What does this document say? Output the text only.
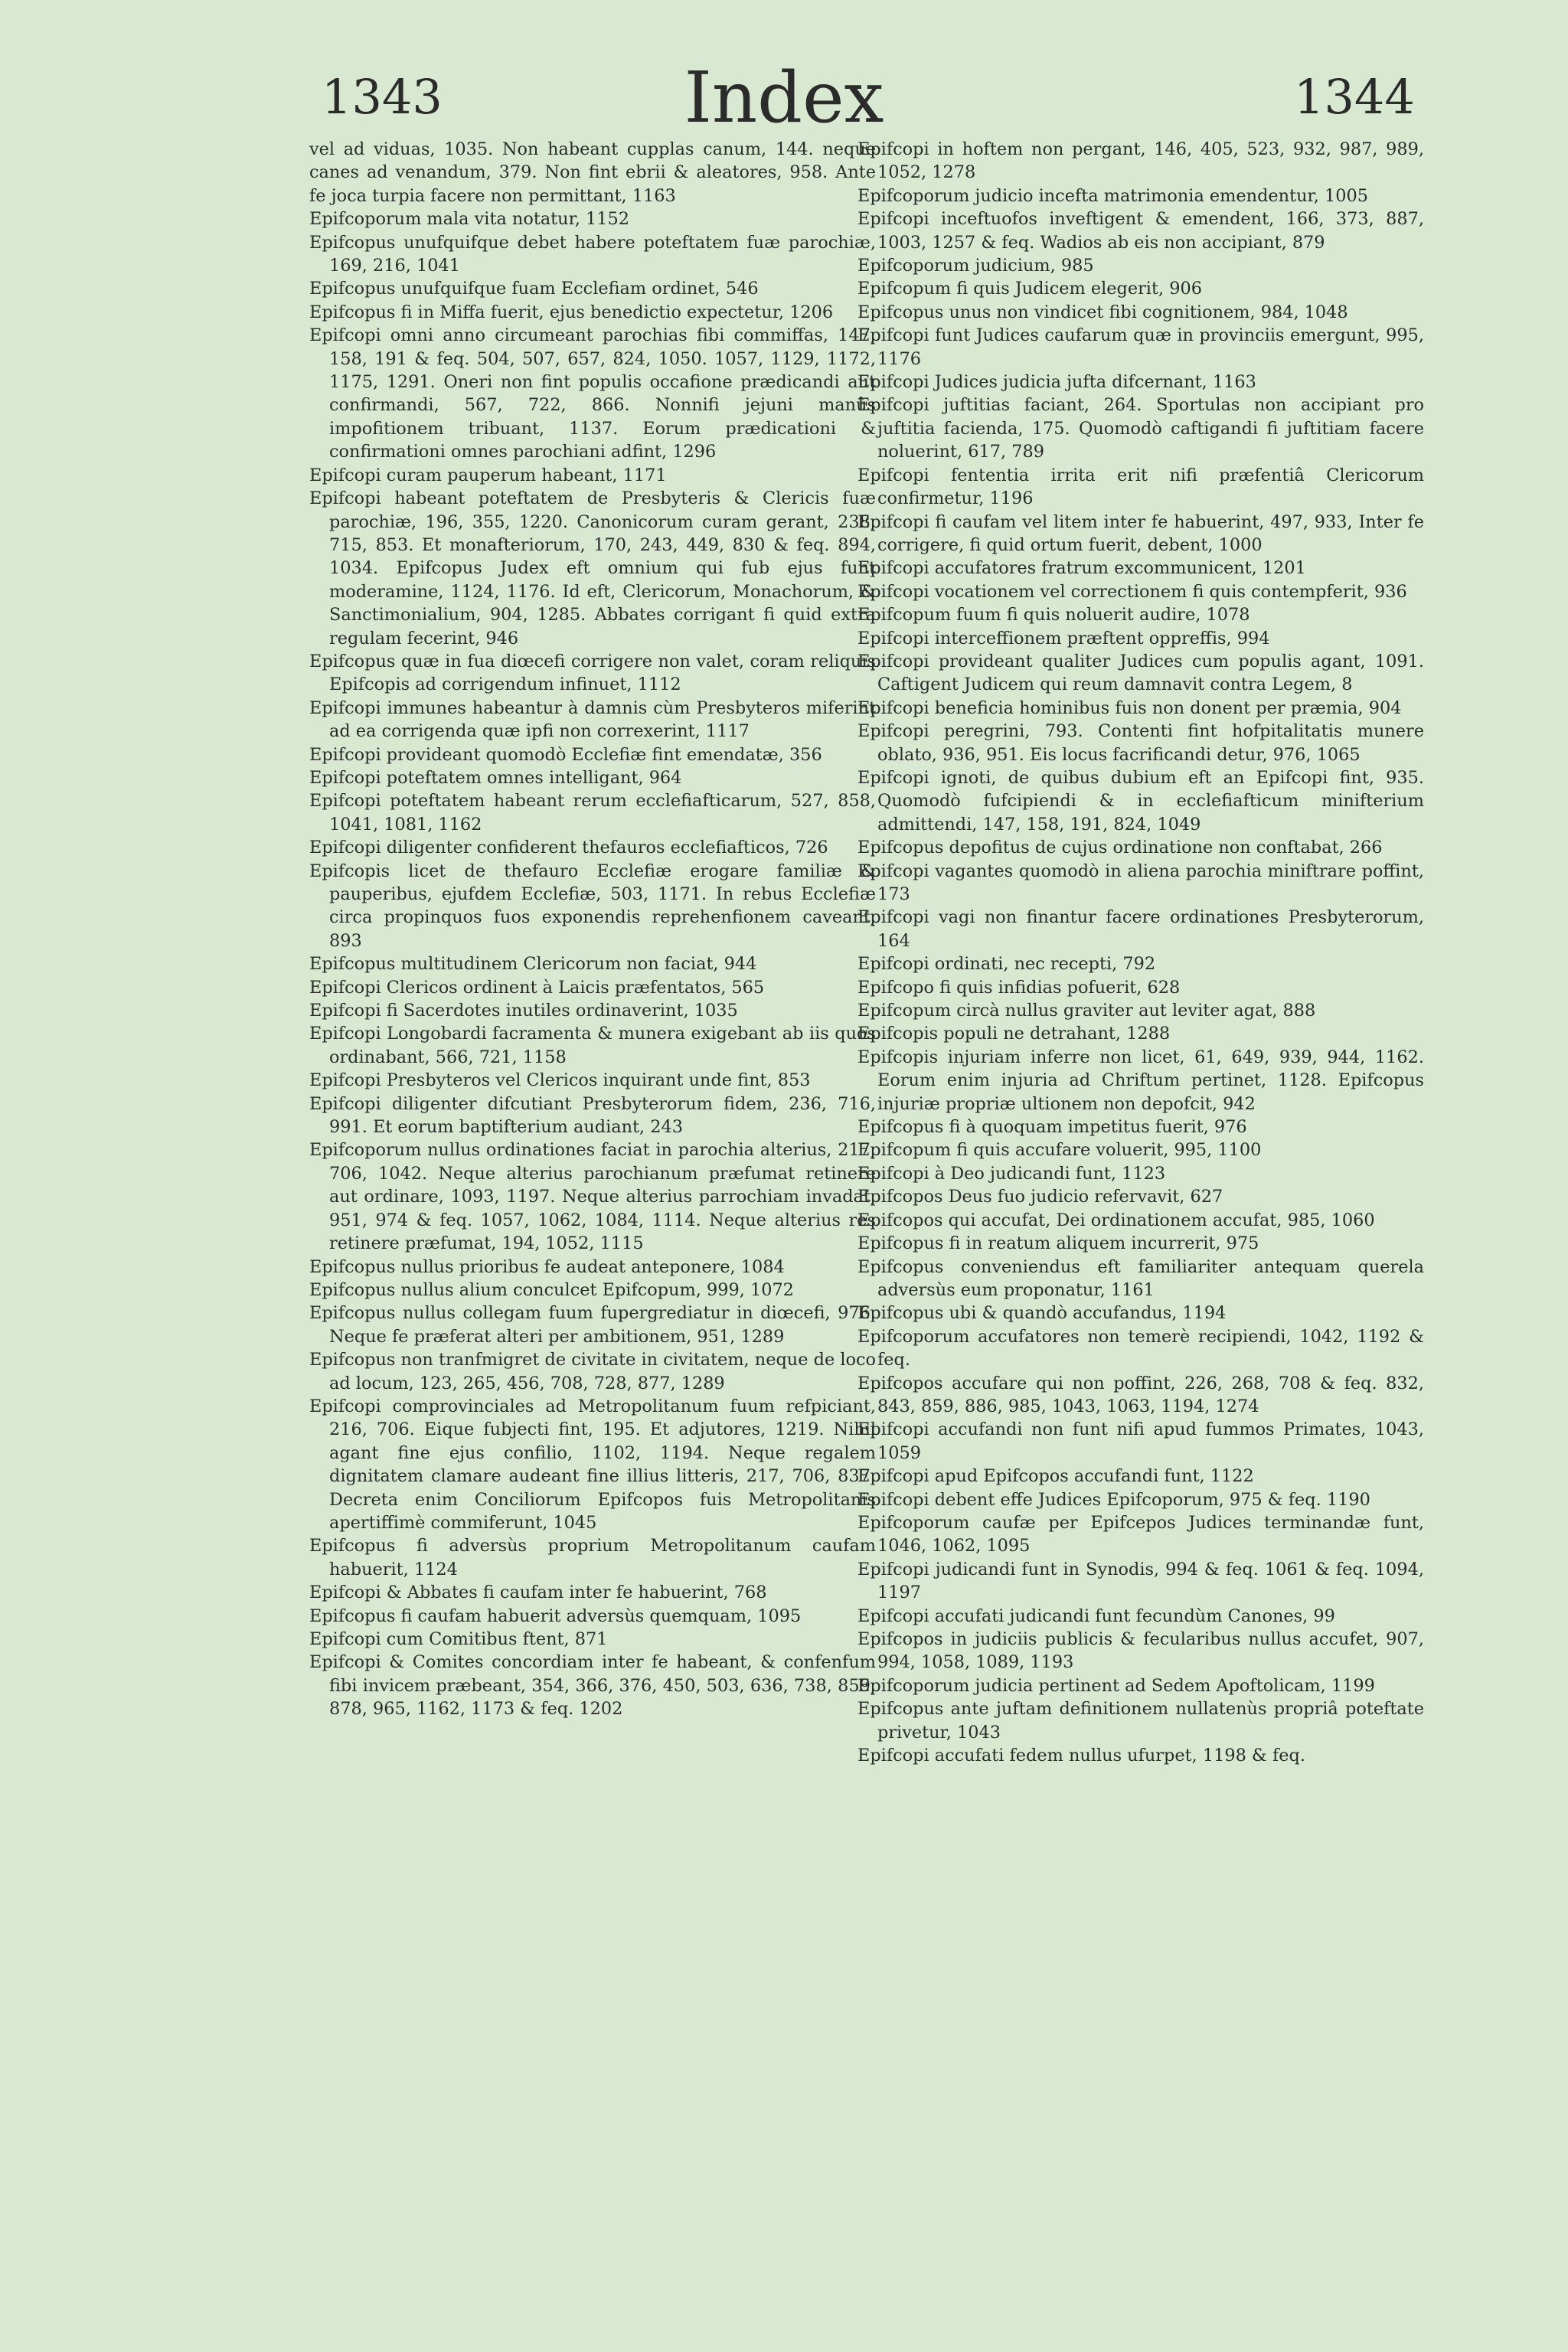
1343	Index	1344

vel ad viduas, 1035. Non habeant cupplas canum, 144. neque canes ad venandum, 379. Non fint ebrii & aleatores, 958. Ante fe joca turpia facere non permittant, 1163

Epifcoporum mala vita notatur, 1152

Epifcopus unufquifque debet habere poteftatem fuæ parochiæ, 169, 216, 1041

Epifcopus unufquifque fuam Ecclefiam ordinet, 546

Epifcopus fi in Miffa fuerit, ejus benedictio expectetur, 1206

Epifcopi omni anno circumeant parochias fibi commiffas, 147, 158, 191 & feq. 504, 507, 657, 824, 1050. 1057, 1129, 1172, 1175, 1291. Oneri non fint populis occafione prædicandi aut confirmandi, 567, 722, 866. Nonnifi jejuni manûs impofitionem tribuant, 1137. Eorum prædicationi & confirmationi omnes parochiani adfint, 1296

Epifcopi curam pauperum habeant, 1171

Epifcopi habeant poteftatem de Presbyteris & Clericis fuæ parochiæ, 196, 355, 1220. Canonicorum curam gerant, 238, 715, 853. Et monafteriorum, 170, 243, 449, 830 & feq. 894, 1034. Epifcopus Judex eft omnium qui fub ejus funt moderamine, 1124, 1176. Id eft, Clericorum, Monachorum, & Sanctimonialium, 904, 1285. Abbates corrigant fi quid extra regulam fecerint, 946

Epifcopus quæ in fua diœcefi corrigere non valet, coram reliquis Epifcopis ad corrigendum infinuet, 1112

Epifcopi immunes habeantur à damnis cùm Presbyteros miferint ad ea corrigenda quæ ipfi non correxerint, 1117

Epifcopi provideant quomodò Ecclefiæ fint emendatæ, 356

Epifcopi poteftatem omnes intelligant, 964

Epifcopi poteftatem habeant rerum ecclefiafticarum, 527, 858, 1041, 1081, 1162

Epifcopi diligenter confiderent thefauros ecclefiafticos, 726

Epifcopis licet de thefauro Ecclefiæ erogare familiæ & pauperibus, ejufdem Ecclefiæ, 503, 1171. In rebus Ecclefiæ circa propinquos fuos exponendis reprehenfionem caveant, 893

Epifcopus multitudinem Clericorum non faciat, 944

Epifcopi Clericos ordinent à Laicis præfentatos, 565

Epifcopi fi Sacerdotes inutiles ordinaverint, 1035

Epifcopi Longobardi facramenta & munera exigebant ab iis quos ordinabant, 566, 721, 1158

Epifcopi Presbyteros vel Clericos inquirant unde fint, 853

Epifcopi diligenter difcutiant Presbyterorum fidem, 236, 716, 991. Et eorum baptifterium audiant, 243

Epifcoporum nullus ordinationes faciat in parochia alterius, 217, 706, 1042. Neque alterius parochianum præfumat retinere aut ordinare, 1093, 1197. Neque alterius parrochiam invadat, 951, 974 & feq. 1057, 1062, 1084, 1114. Neque alterius res retinere præfumat, 194, 1052, 1115

Epifcopus nullus prioribus fe audeat anteponere, 1084

Epifcopus nullus alium conculcet Epifcopum, 999, 1072

Epifcopus nullus collegam fuum fupergrediatur in diœcefi, 976. Neque fe præferat alteri per ambitionem, 951, 1289

Epifcopus non tranfmigret de civitate in civitatem, neque de loco ad locum, 123, 265, 456, 708, 728, 877, 1289

Epifcopi comprovinciales ad Metropolitanum fuum refpiciant, 216, 706. Eique fubjecti fint, 195. Et adjutores, 1219. Nihil agant fine ejus confilio, 1102, 1194. Neque regalem dignitatem clamare audeant fine illius litteris, 217, 706, 837. Decreta enim Conciliorum Epifcopos fuis Metropolitanis apertiffimè commiferunt, 1045

Epifcopus fi adversùs proprium Metropolitanum caufam habuerit, 1124

Epifcopi & Abbates fi caufam inter fe habuerint, 768

Epifcopus fi caufam habuerit adversùs quemquam, 1095

Epifcopi cum Comitibus ftent, 871

Epifcopi & Comites concordiam inter fe habeant, & confenfum fibi invicem præbeant, 354, 366, 376, 450, 503, 636, 738, 859, 878, 965, 1162, 1173 & feq. 1202

Epifcopi in hoftem non pergant, 146, 405, 523, 932, 987, 989, 1052, 1278

Epifcoporum judicio incefta matrimonia emendentur, 1005

Epifcopi inceftuofos inveftigent & emendent, 166, 373, 887, 1003, 1257 & feq. Wadios ab eis non accipiant, 879

Epifcoporum judicium, 985

Epifcopum fi quis Judicem elegerit, 906

Epifcopus unus non vindicet fibi cognitionem, 984, 1048

Epifcopi funt Judices caufarum quæ in provinciis emergunt, 995, 1176

Epifcopi Judices judicia jufta difcernant, 1163

Epifcopi juftitias faciant, 264. Sportulas non accipiant pro juftitia facienda, 175. Quomodò caftigandi fi juftitiam facere noluerint, 617, 789

Epifcopi fententia irrita erit nifi præfentiâ Clericorum confirmetur, 1196

Epifcopi fi caufam vel litem inter fe habuerint, 497, 933, Inter fe corrigere, fi quid ortum fuerit, debent, 1000

Epifcopi accufatores fratrum excommunicent, 1201

Epifcopi vocationem vel correctionem fi quis contempferit, 936

Epifcopum fuum fi quis noluerit audire, 1078

Epifcopi interceffionem præftent oppreffis, 994

Epifcopi provideant qualiter Judices cum populis agant, 1091. Caftigent Judicem qui reum damnavit contra Legem, 8

Epifcopi beneficia hominibus fuis non donent per præmia, 904

Epifcopi peregrini, 793. Contenti fint hofpitalitatis munere oblato, 936, 951. Eis locus facrificandi detur, 976, 1065

Epifcopi ignoti, de quibus dubium eft an Epifcopi fint, 935. Quomodò fufcipiendi & in ecclefiafticum minifterium admittendi, 147, 158, 191, 824, 1049

Epifcopus depofitus de cujus ordinatione non conftabat, 266

Epifcopi vagantes quomodò in aliena parochia miniftrare poffint, 173

Epifcopi vagi non finantur facere ordinationes Presbyterorum, 164

Epifcopi ordinati, nec recepti, 792

Epifcopo fi quis infidias pofuerit, 628

Epifcopum circà nullus graviter aut leviter agat, 888

Epifcopis populi ne detrahant, 1288

Epifcopis injuriam inferre non licet, 61, 649, 939, 944, 1162. Eorum enim injuria ad Chriftum pertinet, 1128. Epifcopus injuriæ propriæ ultionem non depofcit, 942

Epifcopus fi à quoquam impetitus fuerit, 976

Epifcopum fi quis accufare voluerit, 995, 1100

Epifcopi à Deo judicandi funt, 1123

Epifcopos Deus fuo judicio refervavit, 627

Epifcopos qui accufat, Dei ordinationem accufat, 985, 1060

Epifcopus fi in reatum aliquem incurrerit, 975

Epifcopus conveniendus eft familiariter antequam querela adversùs eum proponatur, 1161

Epifcopus ubi & quandò accufandus, 1194

Epifcoporum accufatores non temerè recipiendi, 1042, 1192 & feq.

Epifcopos accufare qui non poffint, 226, 268, 708 & feq. 832, 843, 859, 886, 985, 1043, 1063, 1194, 1274

Epifcopi accufandi non funt nifi apud fummos Primates, 1043, 1059

Epifcopi apud Epifcopos accufandi funt, 1122

Epifcopi debent effe Judices Epifcoporum, 975 & feq. 1190

Epifcoporum caufæ per Epifcepos Judices terminandæ funt, 1046, 1062, 1095

Epifcopi judicandi funt in Synodis, 994 & feq. 1061 & feq. 1094, 1197

Epifcopi accufati judicandi funt fecundùm Canones, 99

Epifcopos in judiciis publicis & fecularibus nullus accufet, 907, 994, 1058, 1089, 1193

Epifcoporum judicia pertinent ad Sedem Apoftolicam, 1199

Epifcopus ante juftam definitionem nullatenùs propriâ poteftate privetur, 1043

Epifcopi accufati fedem nullus ufurpet, 1198 & feq.
